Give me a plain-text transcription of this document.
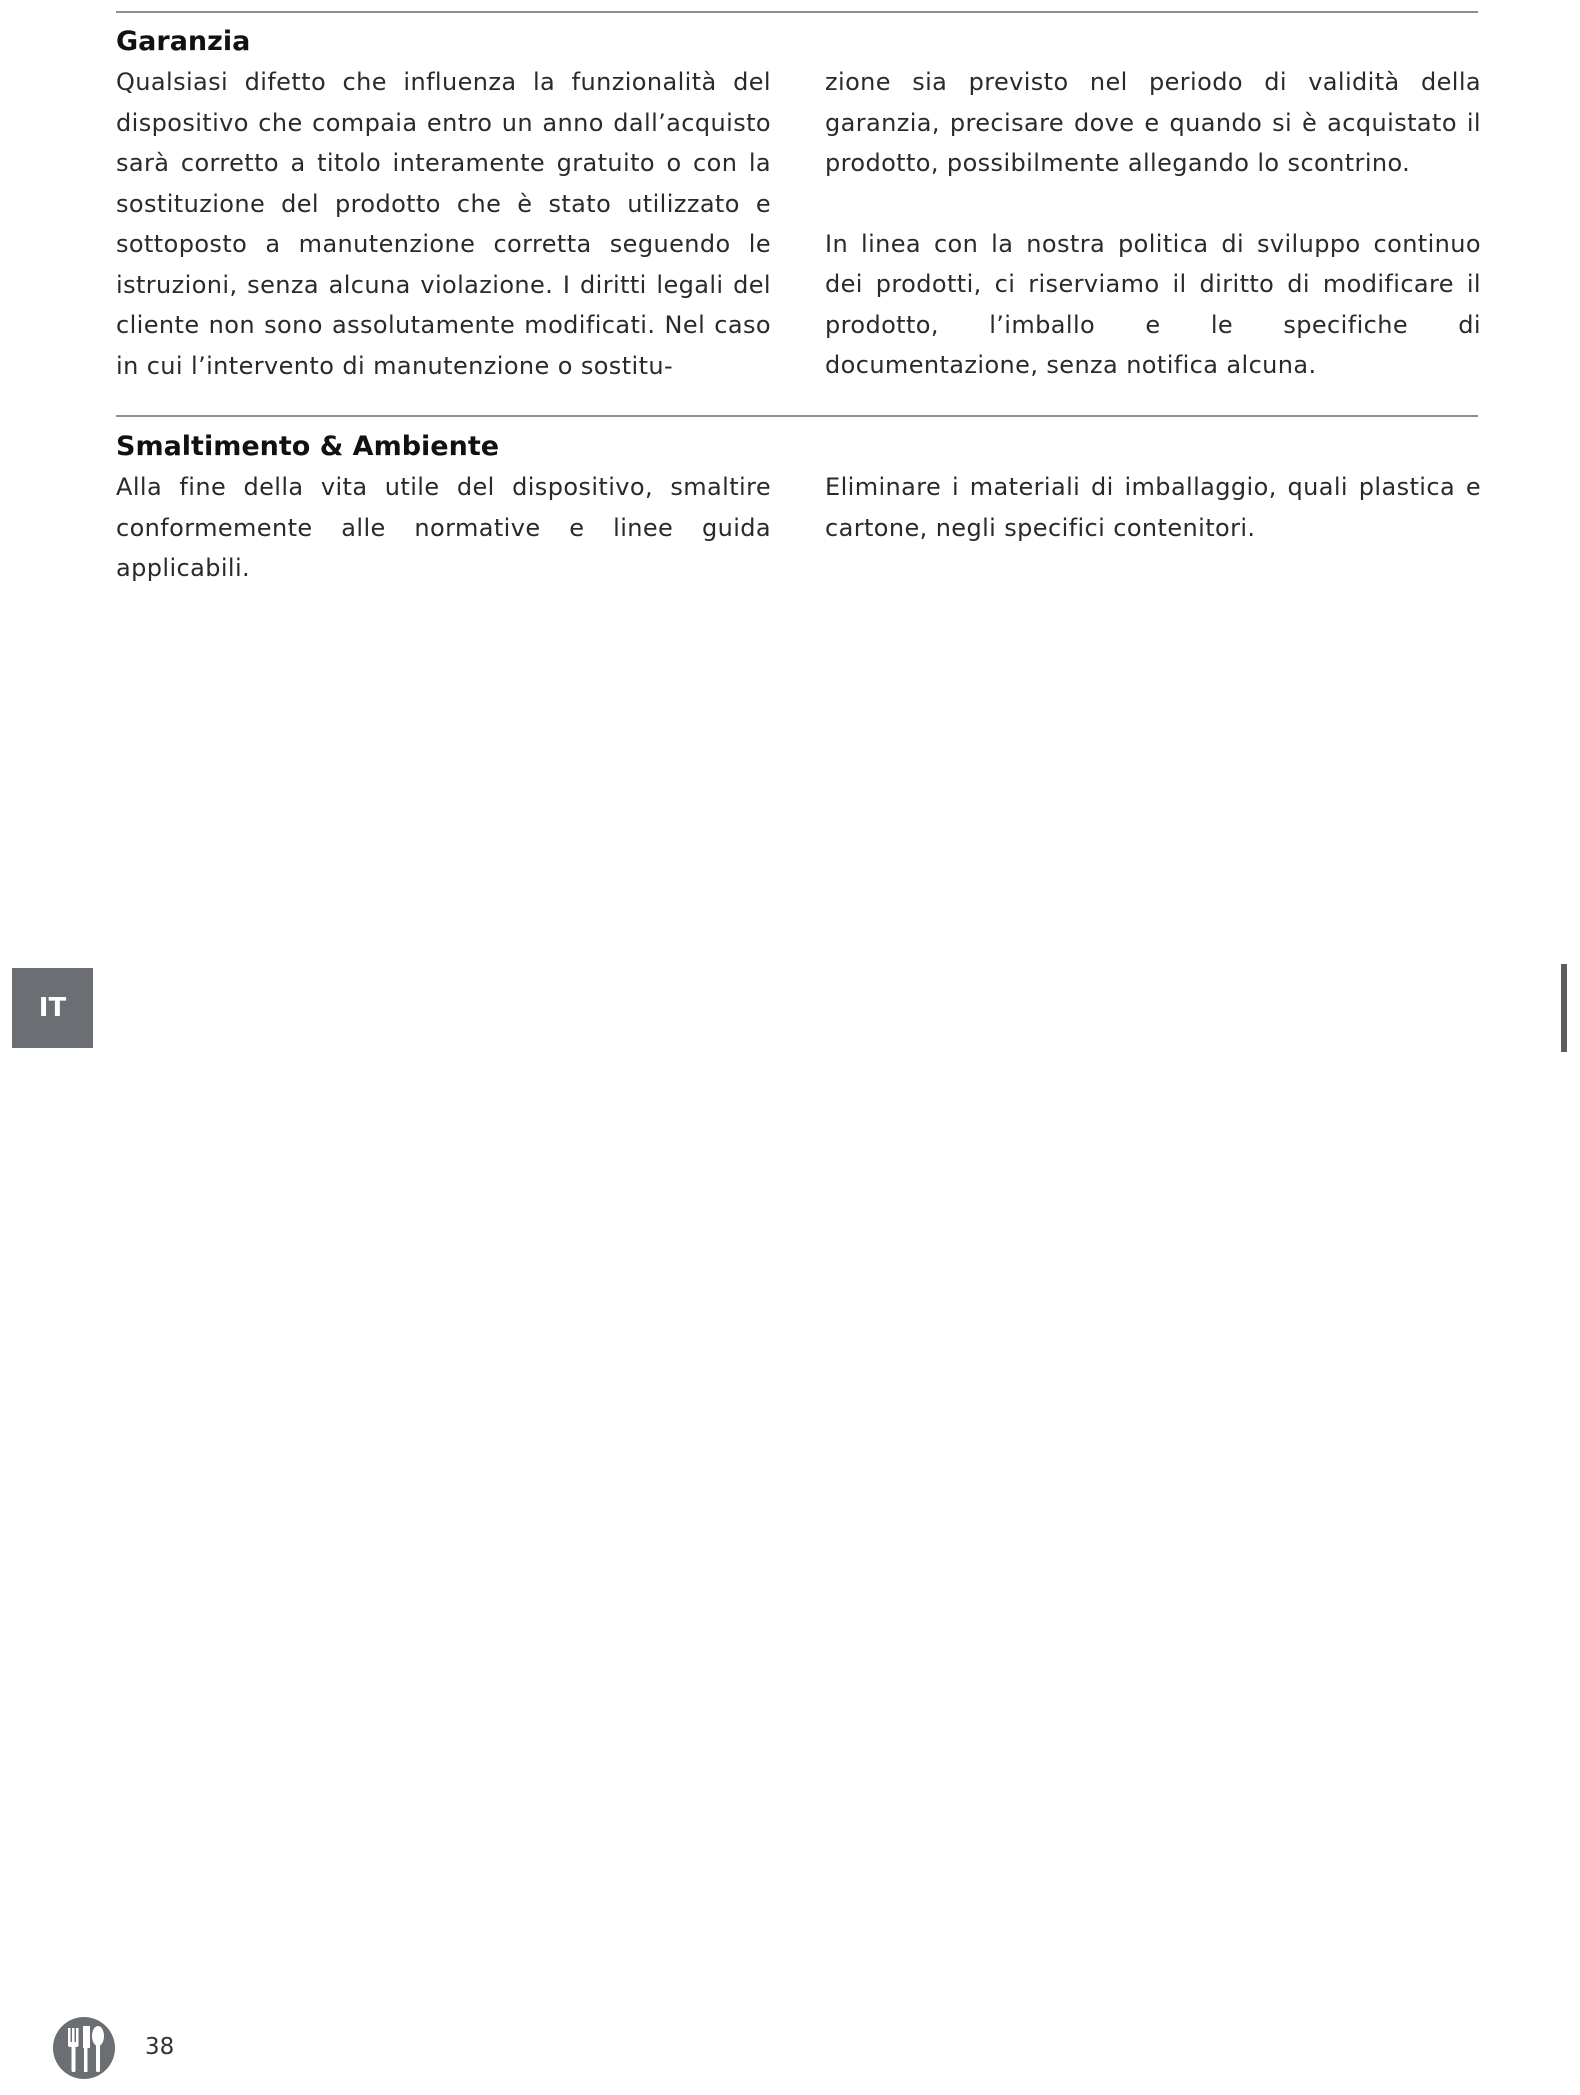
Garanzia

Qualsiasi difetto che influenza la funzionalità del dispositivo che compaia entro un anno dall’acquisto sarà corretto a titolo interamente gratuito o con la sostituzione del prodotto che è stato utilizzato e sottoposto a manutenzione corretta seguendo le istruzioni, senza alcuna violazione. I diritti legali del cliente non sono assolutamente modificati. Nel caso in cui l’intervento di manutenzione o sostitu-

zione sia previsto nel periodo di validità della garanzia, precisare dove e quando si è acquistato il prodotto, possibilmente allegando lo scontrino.

In linea con la nostra politica di sviluppo continuo dei prodotti, ci riserviamo il diritto di modificare il prodotto, l’imballo e le specifiche di documentazione, senza notifica alcuna.

Smaltimento & Ambiente

Alla fine della vita utile del dispositivo, smaltire conformemente alle normative e linee guida applicabili.

Eliminare i materiali di imballaggio, quali plastica e cartone, negli specifici contenitori.

IT
38
